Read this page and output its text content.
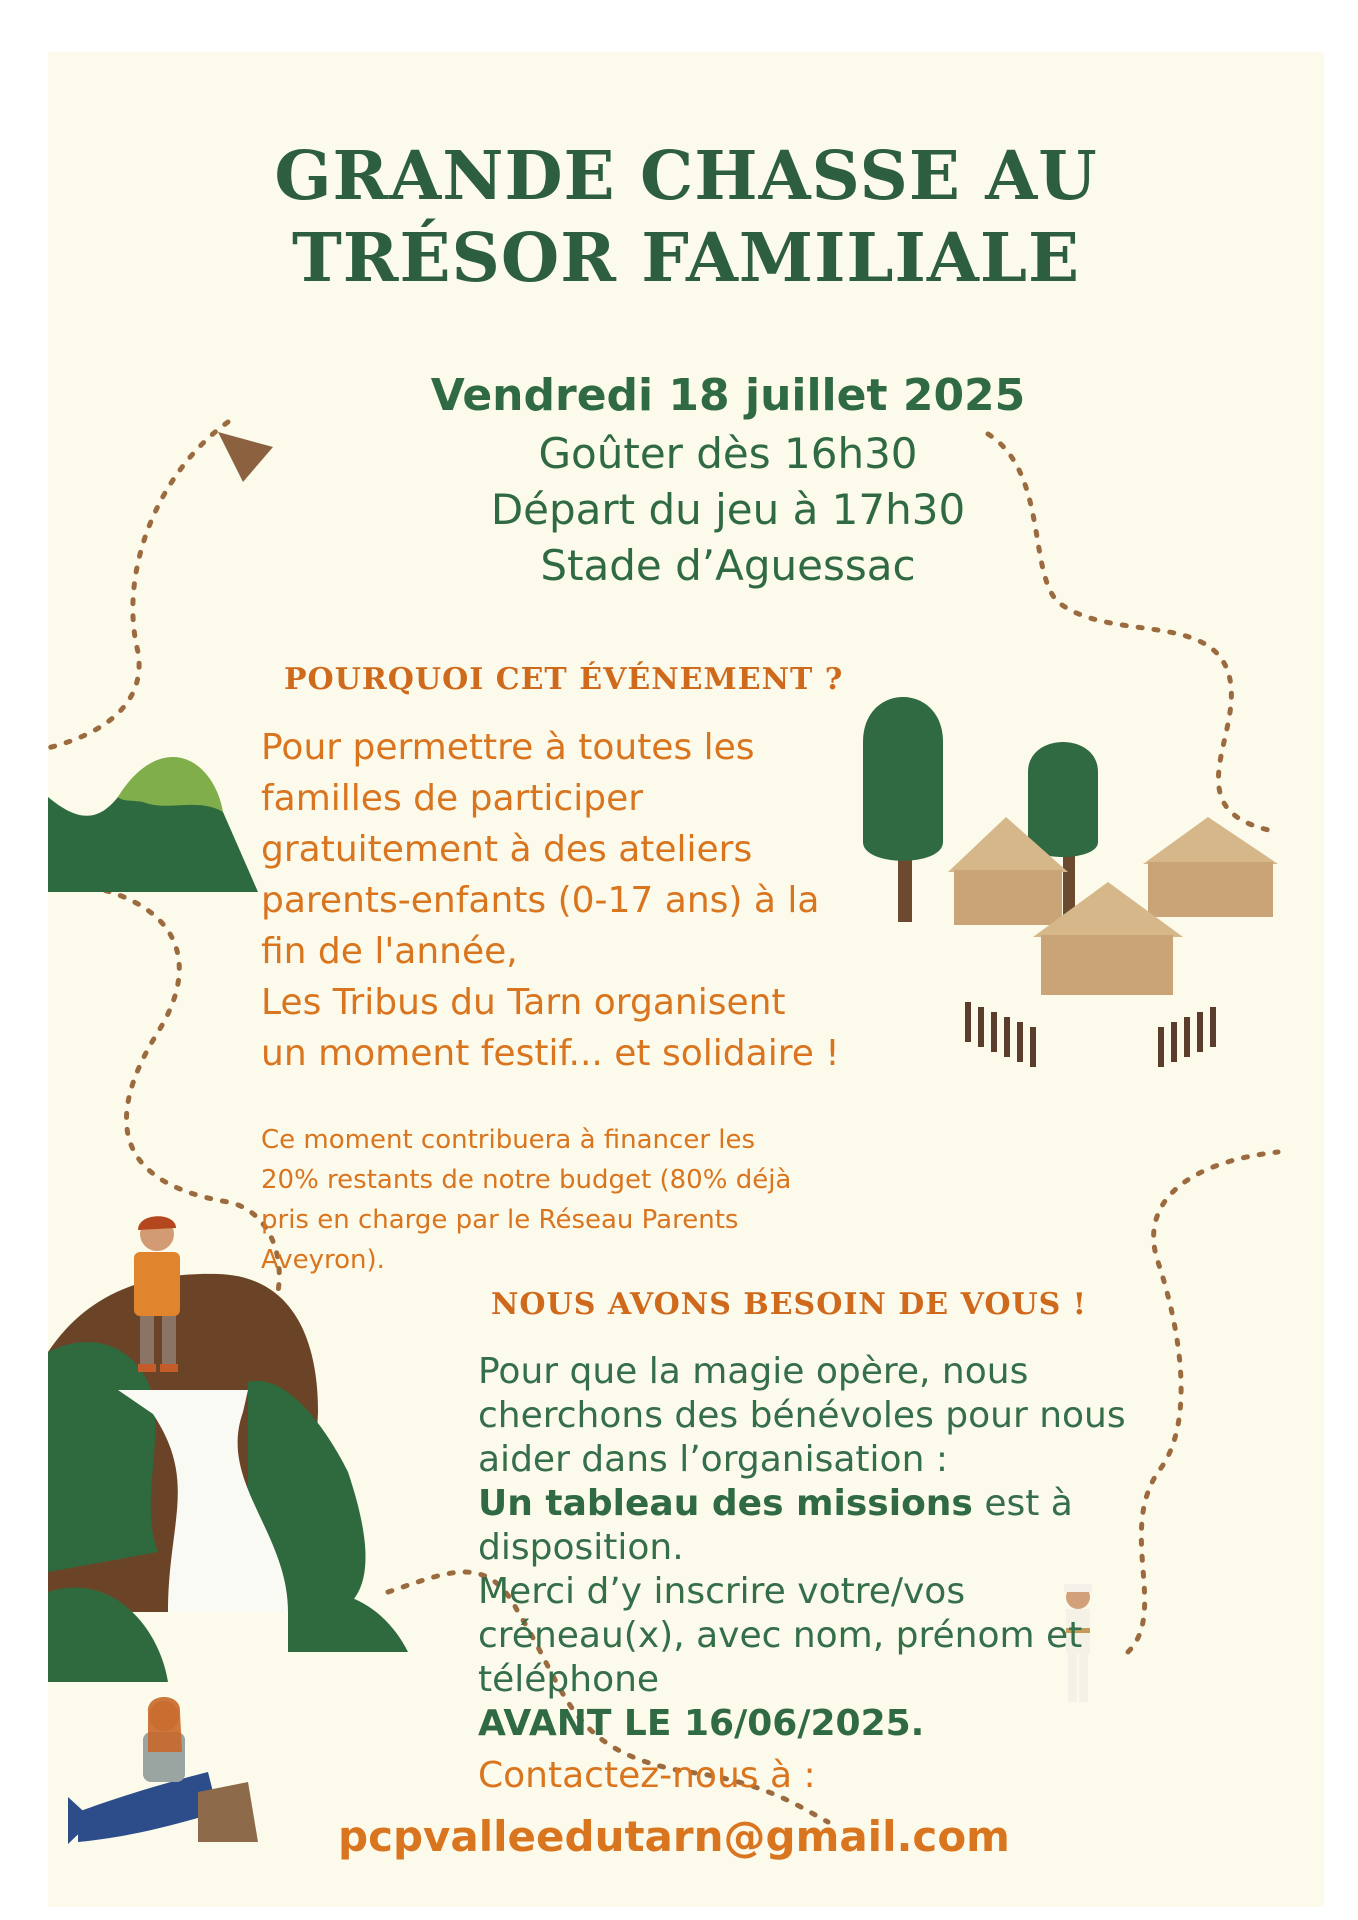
GRANDE CHASSE AU
TRÉSOR FAMILIALE
Vendredi 18 juillet 2025
Goûter dès 16h30
Départ du jeu à 17h30
Stade d’Aguessac
POURQUOI CET ÉVÉNEMENT ?
Pour permettre à toutes les
familles de participer
gratuitement à des ateliers
parents-enfants (0-17 ans) à la
fin de l'année,
Les Tribus du Tarn organisent
un moment festif... et solidaire !
Ce moment contribuera à financer les
20% restants de notre budget (80% déjà
pris en charge par le Réseau Parents
Aveyron).
NOUS AVONS BESOIN DE VOUS !
Pour que la magie opère, nous
cherchons des bénévoles pour nous
aider dans l’organisation :
Un tableau des missions est à
disposition.
Merci d’y inscrire votre/vos
créneau(x), avec nom, prénom et
téléphone
AVANT LE 16/06/2025.
Contactez-nous à :
pcpvalleedutarn@gmail.com
